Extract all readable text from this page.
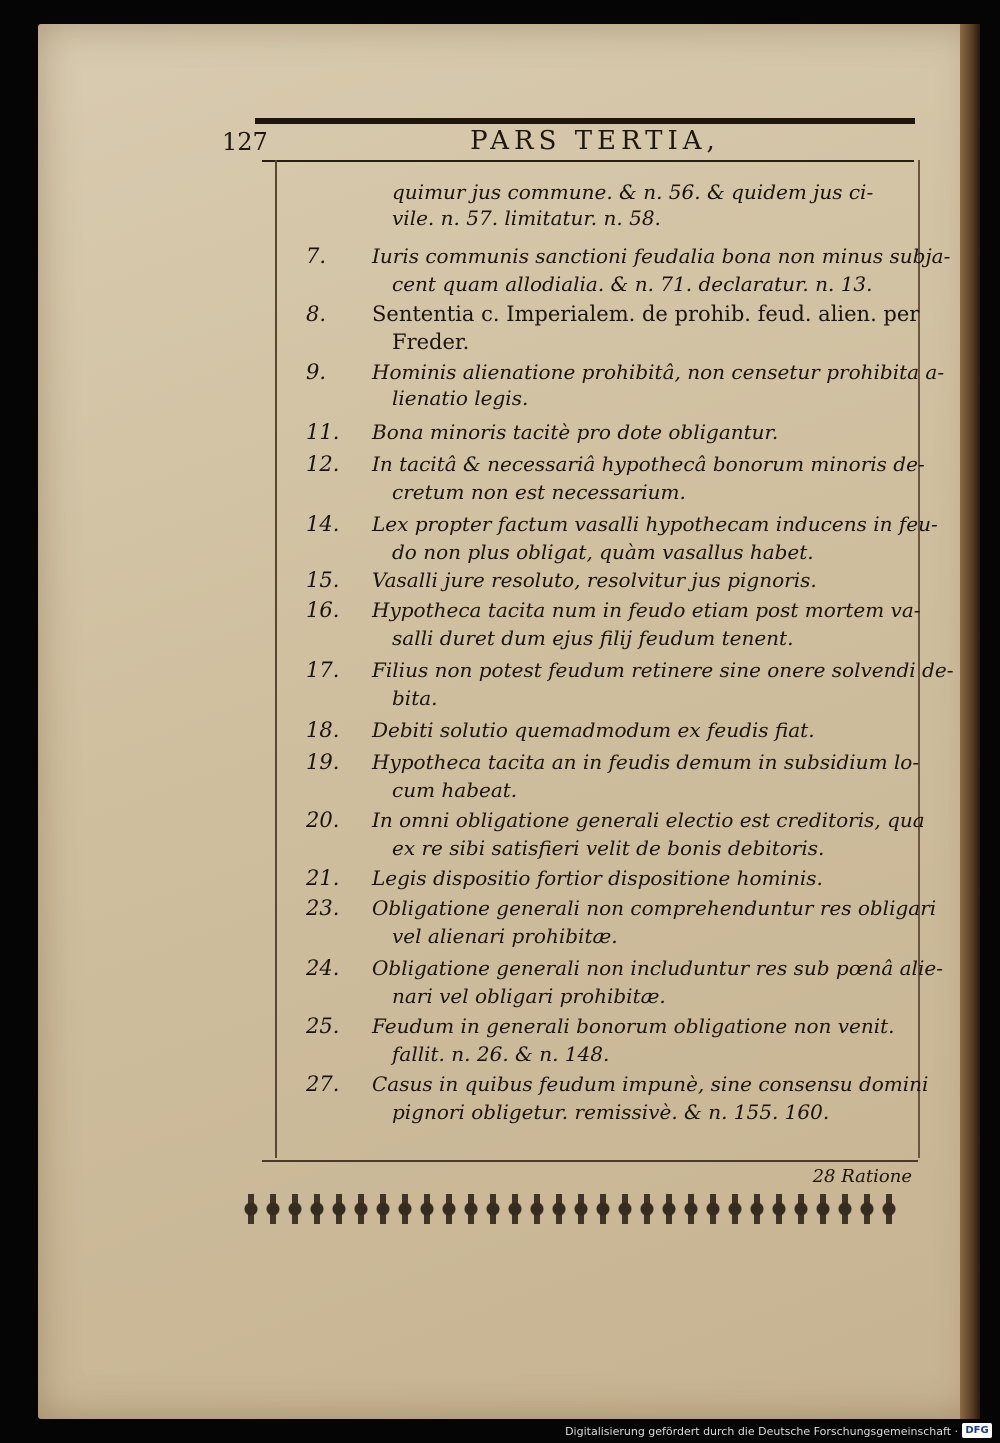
127	PARS TERTIA,
quimur jus commune. & n. 56. & quidem jus ci-
vile. n. 57. limitatur. n. 58.
7.	Iuris communis sanctioni feudalia bona non minus subja-
cent quam allodialia. & n. 71. declaratur. n. 13.
8.	Sententia c. Imperialem. de prohib. feud. alien. per
Freder.
9.	Hominis alienatione prohibitâ, non censetur prohibita a-
lienatio legis.
11.	Bona minoris tacitè pro dote obligantur.
12.	In tacitâ & necessariâ hypothecâ bonorum minoris de-
cretum non est necessarium.
14.	Lex propter factum vasalli hypothecam inducens in feu-
do non plus obligat, quàm vasallus habet.
15.	Vasalli jure resoluto, resolvitur jus pignoris.
16.	Hypotheca tacita num in feudo etiam post mortem va-
salli duret dum ejus filij feudum tenent.
17.	Filius non potest feudum retinere sine onere solvendi de-
bita.
18.	Debiti solutio quemadmodum ex feudis fiat.
19.	Hypotheca tacita an in feudis demum in subsidium lo-
cum habeat.
20.	In omni obligatione generali electio est creditoris, qua
ex re sibi satisfieri velit de bonis debitoris.
21.	Legis dispositio fortior dispositione hominis.
23.	Obligatione generali non comprehenduntur res obligari
vel alienari prohibitæ.
24.	Obligatione generali non includuntur res sub pœnâ alie-
nari vel obligari prohibitæ.
25.	Feudum in generali bonorum obligatione non venit.
fallit. n. 26. & n. 148.
27.	Casus in quibus feudum impunè, sine consensu domini
pignori obligetur. remissivè. & n. 155. 160.
28 Ratione
Digitalisierung gefördert durch die Deutsche Forschungsgemeinschaft · DFG
